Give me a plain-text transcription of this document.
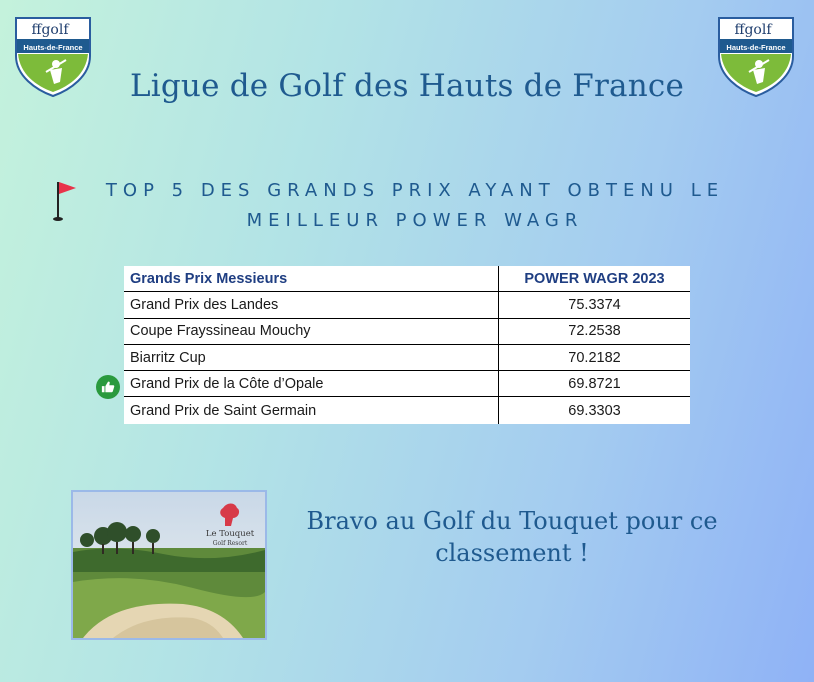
ffgolf
Hauts-de-France
ffgolf
Hauts-de-France
Ligue de Golf des Hauts de France
TOP 5 DES GRANDS PRIX AYANT OBTENU LE
MEILLEUR POWER WAGR
Grands Prix Messieurs	POWER WAGR 2023
Grand Prix des Landes	75.3374
Coupe Frayssineau Mouchy	72.2538
Biarritz Cup	70.2182
Grand Prix de la Côte d’Opale	69.8721
Grand Prix de Saint Germain	69.3303
Le Touquet
Golf Resort
Bravo au Golf du Touquet pour ce
classement !
